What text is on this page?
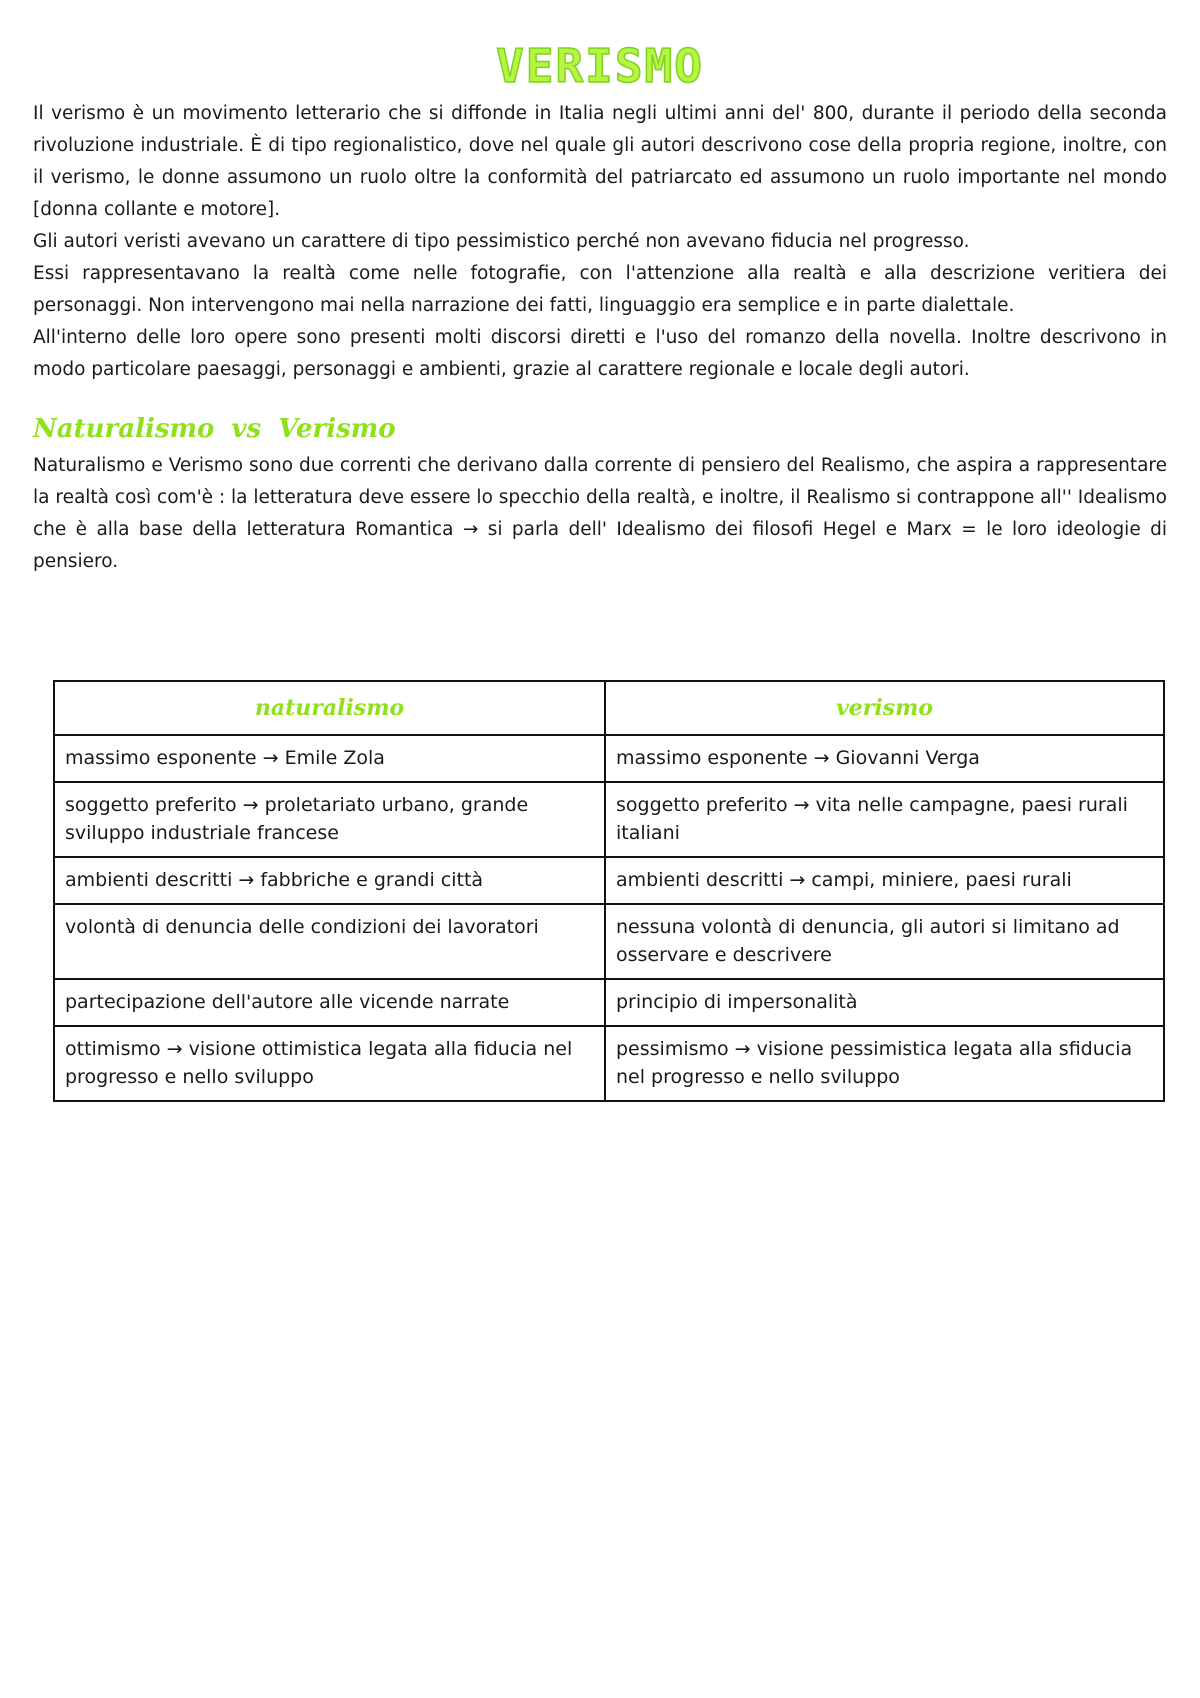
VERISMO

Il verismo è un movimento letterario che si diffonde in Italia negli ultimi anni del' 800, durante il periodo della seconda rivoluzione industriale. È di tipo regionalistico, dove nel quale gli autori descrivono cose della propria regione, inoltre, con il verismo, le donne assumono un ruolo oltre la conformità del patriarcato ed assumono un ruolo importante nel mondo [donna collante e motore].

Gli autori veristi avevano un carattere di tipo pessimistico perché non avevano fiducia nel progresso.

Essi rappresentavano la realtà come nelle fotografie, con l'attenzione alla realtà e alla descrizione veritiera dei personaggi. Non intervengono mai nella narrazione dei fatti, linguaggio era semplice e in parte dialettale.

All'interno delle loro opere sono presenti molti discorsi diretti e l'uso del romanzo della novella. Inoltre descrivono in modo particolare paesaggi, personaggi e ambienti, grazie al carattere regionale e locale degli autori.

Naturalismo vs Verismo

Naturalismo e Verismo sono due correnti che derivano dalla corrente di pensiero del Realismo, che aspira a rappresentare la realtà così com'è : la letteratura deve essere lo specchio della realtà, e inoltre, il Realismo si contrappone all'' Idealismo che è alla base della letteratura Romantica → si parla dell' Idealismo dei filosofi Hegel e Marx = le loro ideologie di pensiero.

naturalismo	verismo
massimo esponente → Emile Zola	massimo esponente → Giovanni Verga
soggetto preferito → proletariato urbano, grande sviluppo industriale francese	soggetto preferito → vita nelle campagne, paesi rurali italiani
ambienti descritti → fabbriche e grandi città	ambienti descritti → campi, miniere, paesi rurali
volontà di denuncia delle condizioni dei lavoratori	nessuna volontà di denuncia, gli autori si limitano ad osservare e descrivere
partecipazione dell'autore alle vicende narrate	principio di impersonalità
ottimismo → visione ottimistica legata alla fiducia nel progresso e nello sviluppo	pessimismo → visione pessimistica legata alla sfiducia nel progresso e nello sviluppo
